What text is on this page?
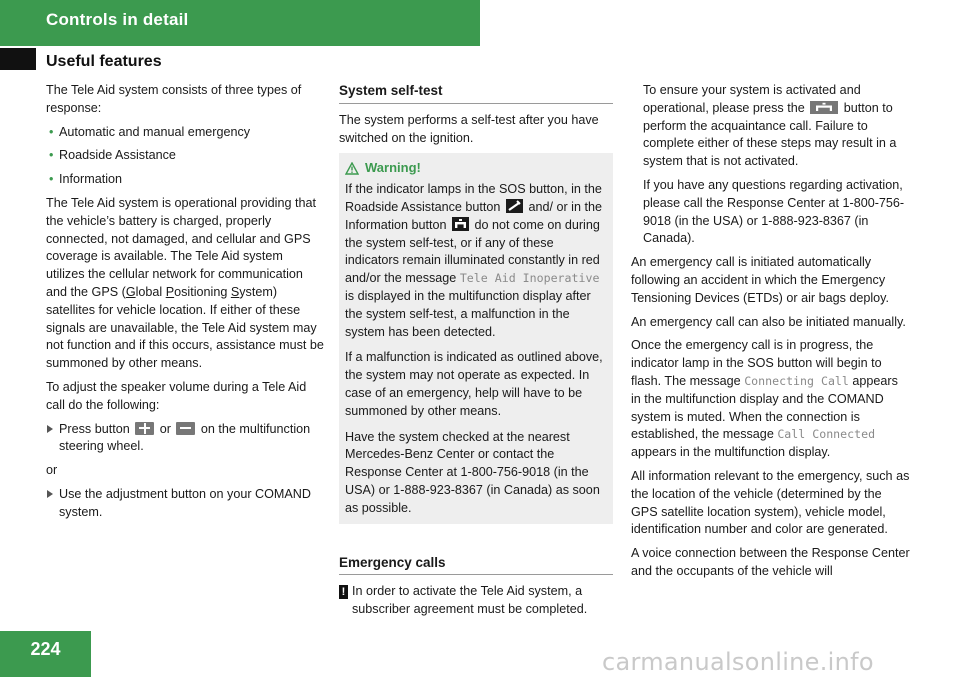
Controls in detail
Useful features

The Tele Aid system consists of three types of response:

• Automatic and manual emergency
• Roadside Assistance
• Information

The Tele Aid system is operational providing that the vehicle’s battery is charged, properly connected, not damaged, and cellular and GPS coverage is available. The Tele Aid system utilizes the cellular network for communication and the GPS (Global Positioning System) satellites for vehicle location. If either of these signals are unavailable, the Tele Aid system may not function and if this occurs, assistance must be summoned by other means.

To adjust the speaker volume during a Tele Aid call do the following:

Press button or on the multifunction steering wheel.

or

Use the adjustment button on your COMAND system.
System self-test

The system performs a self-test after you have switched on the ignition.

Warning!

If the indicator lamps in the SOS button, in the Roadside Assistance button and/ or in the Information button do not come on during the system self-test, or if any of these indicators remain illuminated constantly in red and/or the message Tele Aid Inoperative is displayed in the multifunction display after the system self-test, a malfunction in the system has been detected.

If a malfunction is indicated as outlined above, the system may not operate as expected. In case of an emergency, help will have to be summoned by other means.

Have the system checked at the nearest Mercedes-Benz Center or contact the Response Center at 1-800-756-9018 (in the USA) or 1-888-923-8367 (in Canada) as soon as possible.

Emergency calls
! In order to activate the Tele Aid system, a subscriber agreement must be completed.

To ensure your system is activated and operational, please press the	button to perform the acquaintance call. Failure to complete either of these steps may result in a system that is not activated.

If you have any questions regarding activation, please call the Response Center at 1-800-756-9018 (in the USA) or 1-888-923-8367 (in Canada).

An emergency call is initiated automatically following an accident in which the Emergency Tensioning Devices (ETDs) or air bags deploy.

An emergency call can also be initiated manually.

Once the emergency call is in progress, the indicator lamp in the SOS button will begin to flash. The message Connecting Call appears in the multifunction display and the COMAND system is muted. When the connection is established, the message Call Connected appears in the multifunction display.

All information relevant to the emergency, such as the location of the vehicle (determined by the GPS satellite location system), vehicle model, identification number and color are generated.

A voice connection between the Response Center and the occupants of the vehicle will

224	carmanualsonline.info
